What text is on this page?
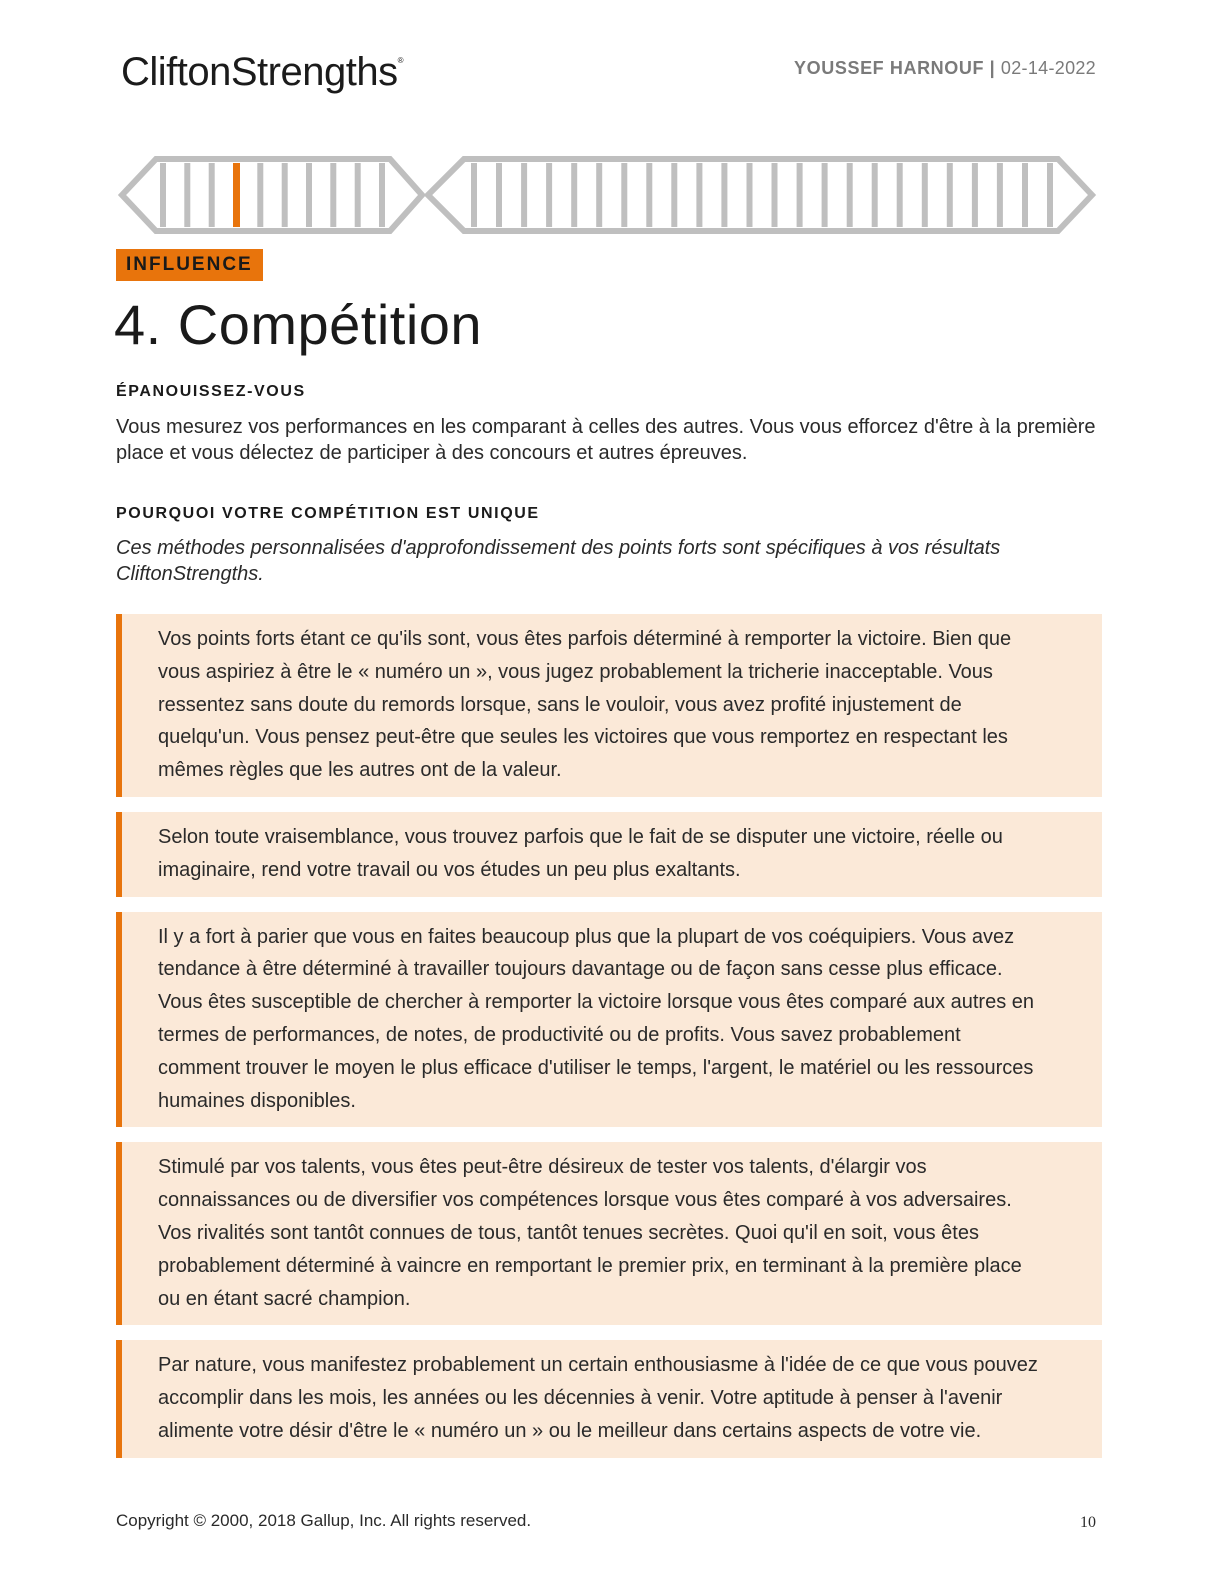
CliftonStrengths®	YOUSSEF HARNOUF | 02-14-2022
INFLUENCE
4. Compétition
ÉPANOUISSEZ-VOUS
Vous mesurez vos performances en les comparant à celles des autres. Vous vous efforcez d'être à la première place et vous délectez de participer à des concours et autres épreuves.
POURQUOI VOTRE COMPÉTITION EST UNIQUE
Ces méthodes personnalisées d'approfondissement des points forts sont spécifiques à vos résultats CliftonStrengths.
Vos points forts étant ce qu'ils sont, vous êtes parfois déterminé à remporter la victoire. Bien que vous aspiriez à être le « numéro un », vous jugez probablement la tricherie inacceptable. Vous ressentez sans doute du remords lorsque, sans le vouloir, vous avez profité injustement de quelqu'un. Vous pensez peut-être que seules les victoires que vous remportez en respectant les mêmes règles que les autres ont de la valeur.
Selon toute vraisemblance, vous trouvez parfois que le fait de se disputer une victoire, réelle ou imaginaire, rend votre travail ou vos études un peu plus exaltants.
Il y a fort à parier que vous en faites beaucoup plus que la plupart de vos coéquipiers. Vous avez tendance à être déterminé à travailler toujours davantage ou de façon sans cesse plus efficace. Vous êtes susceptible de chercher à remporter la victoire lorsque vous êtes comparé aux autres en termes de performances, de notes, de productivité ou de profits. Vous savez probablement comment trouver le moyen le plus efficace d'utiliser le temps, l'argent, le matériel ou les ressources humaines disponibles.
Stimulé par vos talents, vous êtes peut-être désireux de tester vos talents, d'élargir vos connaissances ou de diversifier vos compétences lorsque vous êtes comparé à vos adversaires. Vos rivalités sont tantôt connues de tous, tantôt tenues secrètes. Quoi qu'il en soit, vous êtes probablement déterminé à vaincre en remportant le premier prix, en terminant à la première place ou en étant sacré champion.
Par nature, vous manifestez probablement un certain enthousiasme à l'idée de ce que vous pouvez accomplir dans les mois, les années ou les décennies à venir. Votre aptitude à penser à l'avenir alimente votre désir d'être le « numéro un » ou le meilleur dans certains aspects de votre vie.
Copyright © 2000, 2018 Gallup, Inc. All rights reserved.	10
